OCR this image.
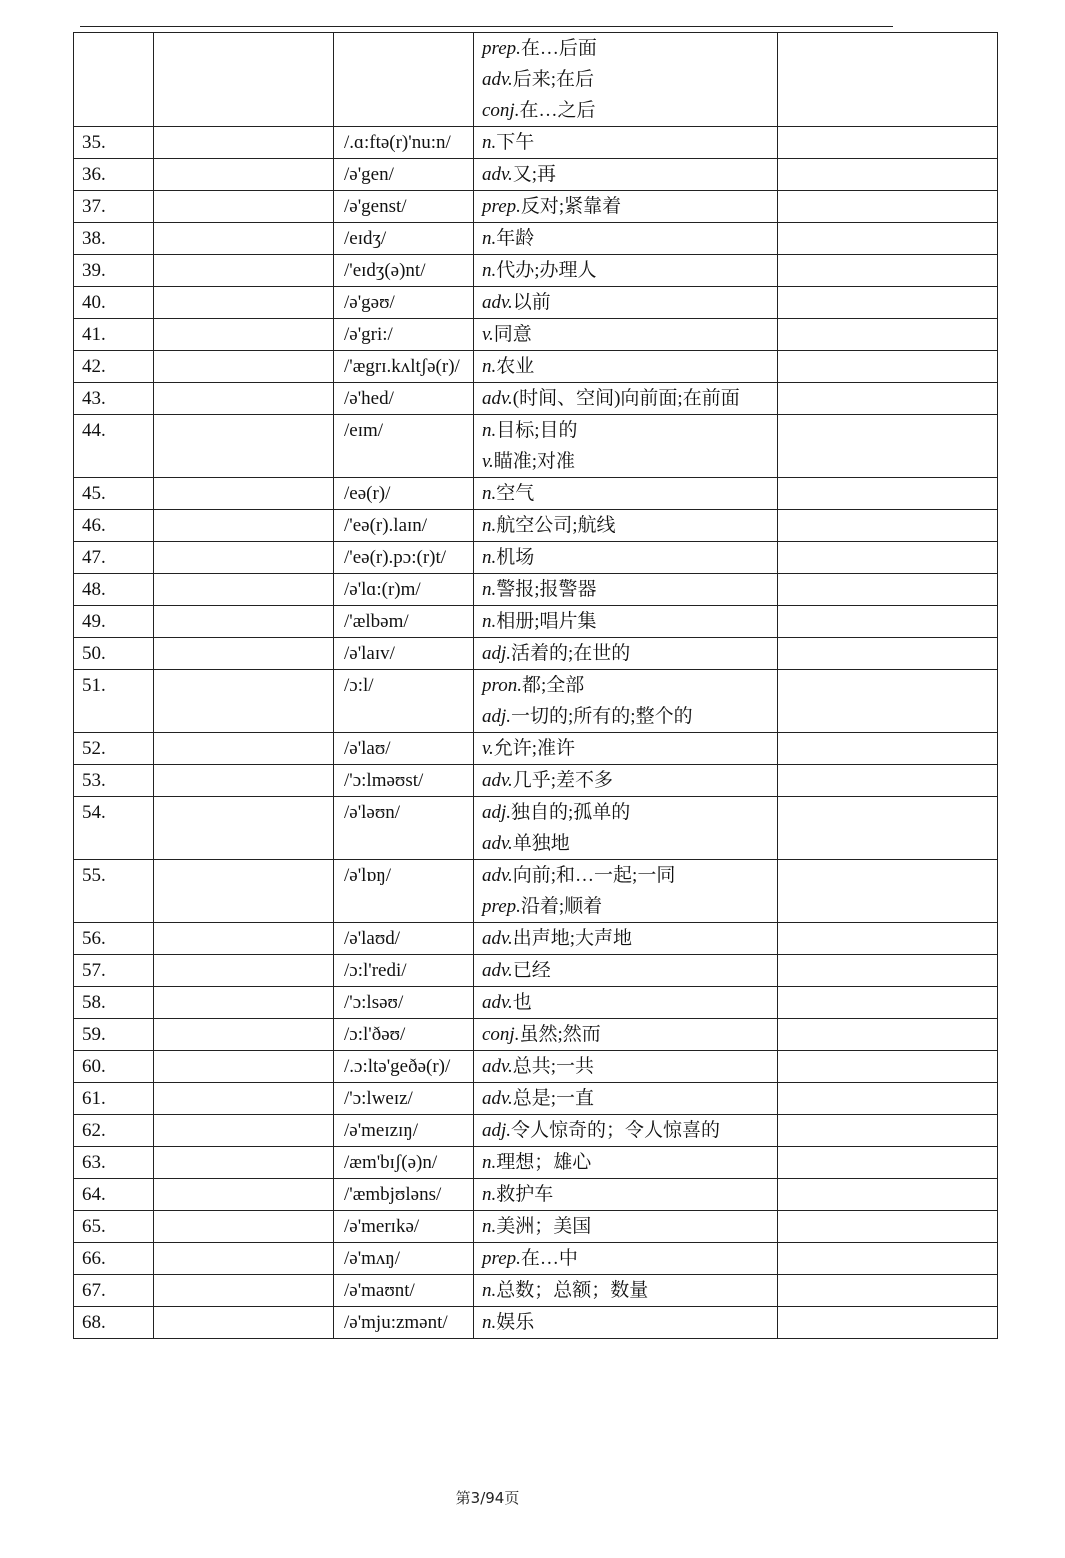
			prep.在…后面
adv.后来;在后
conj.在…之后	

35.		/.ɑ:ftə(r)'nu:n/	n.下午	

36.		/ə'gen/	adv.又;再	

37.		/ə'genst/	prep.反对;紧靠着	

38.		/eɪdʒ/	n.年龄	

39.		/'eɪdʒ(ə)nt/	n.代办;办理人	

40.		/ə'gəʊ/	adv.以前	

41.		/ə'gri:/	v.同意	

42.		/'ægrɪ.kʌltʃə(r)/	n.农业	

43.		/ə'hed/	adv.(时间、空间)向前面;在前面	

44.		/eɪm/	n.目标;目的
v.瞄准;对准	

45.		/eə(r)/	n.空气	

46.		/'eə(r).laɪn/	n.航空公司;航线	

47.		/'eə(r).pɔ:(r)t/	n.机场	

48.		/ə'lɑ:(r)m/	n.警报;报警器	

49.		/'ælbəm/	n.相册;唱片集	

50.		/ə'laɪv/	adj.活着的;在世的	

51.		/ɔ:l/	pron.都;全部
adj.一切的;所有的;整个的	

52.		/ə'laʊ/	v.允许;准许	

53.		/'ɔ:lməʊst/	adv.几乎;差不多	

54.		/ə'ləʊn/	adj.独自的;孤单的
adv.单独地	

55.		/ə'lɒŋ/	adv.向前;和…一起;一同
prep.沿着;顺着	

56.		/ə'laʊd/	adv.出声地;大声地	

57.		/ɔ:l'redi/	adv.已经	

58.		/'ɔ:lsəʊ/	adv.也	

59.		/ɔ:l'ðəʊ/	conj.虽然;然而	

60.		/.ɔ:ltə'geðə(r)/	adv.总共;一共	

61.		/'ɔ:lweɪz/	adv.总是;一直	

62.		/ə'meɪzɪŋ/	adj.令人惊奇的；令人惊喜的	

63.		/æm'bɪʃ(ə)n/	n.理想；雄心	

64.		/'æmbjʊləns/	n.救护车	

65.		/ə'merɪkə/	n.美洲；美国	

66.		/ə'mʌŋ/	prep.在…中	

67.		/ə'maʊnt/	n.总数；总额；数量	

68.		/ə'mju:zmənt/	n.娱乐	

第3/94页
